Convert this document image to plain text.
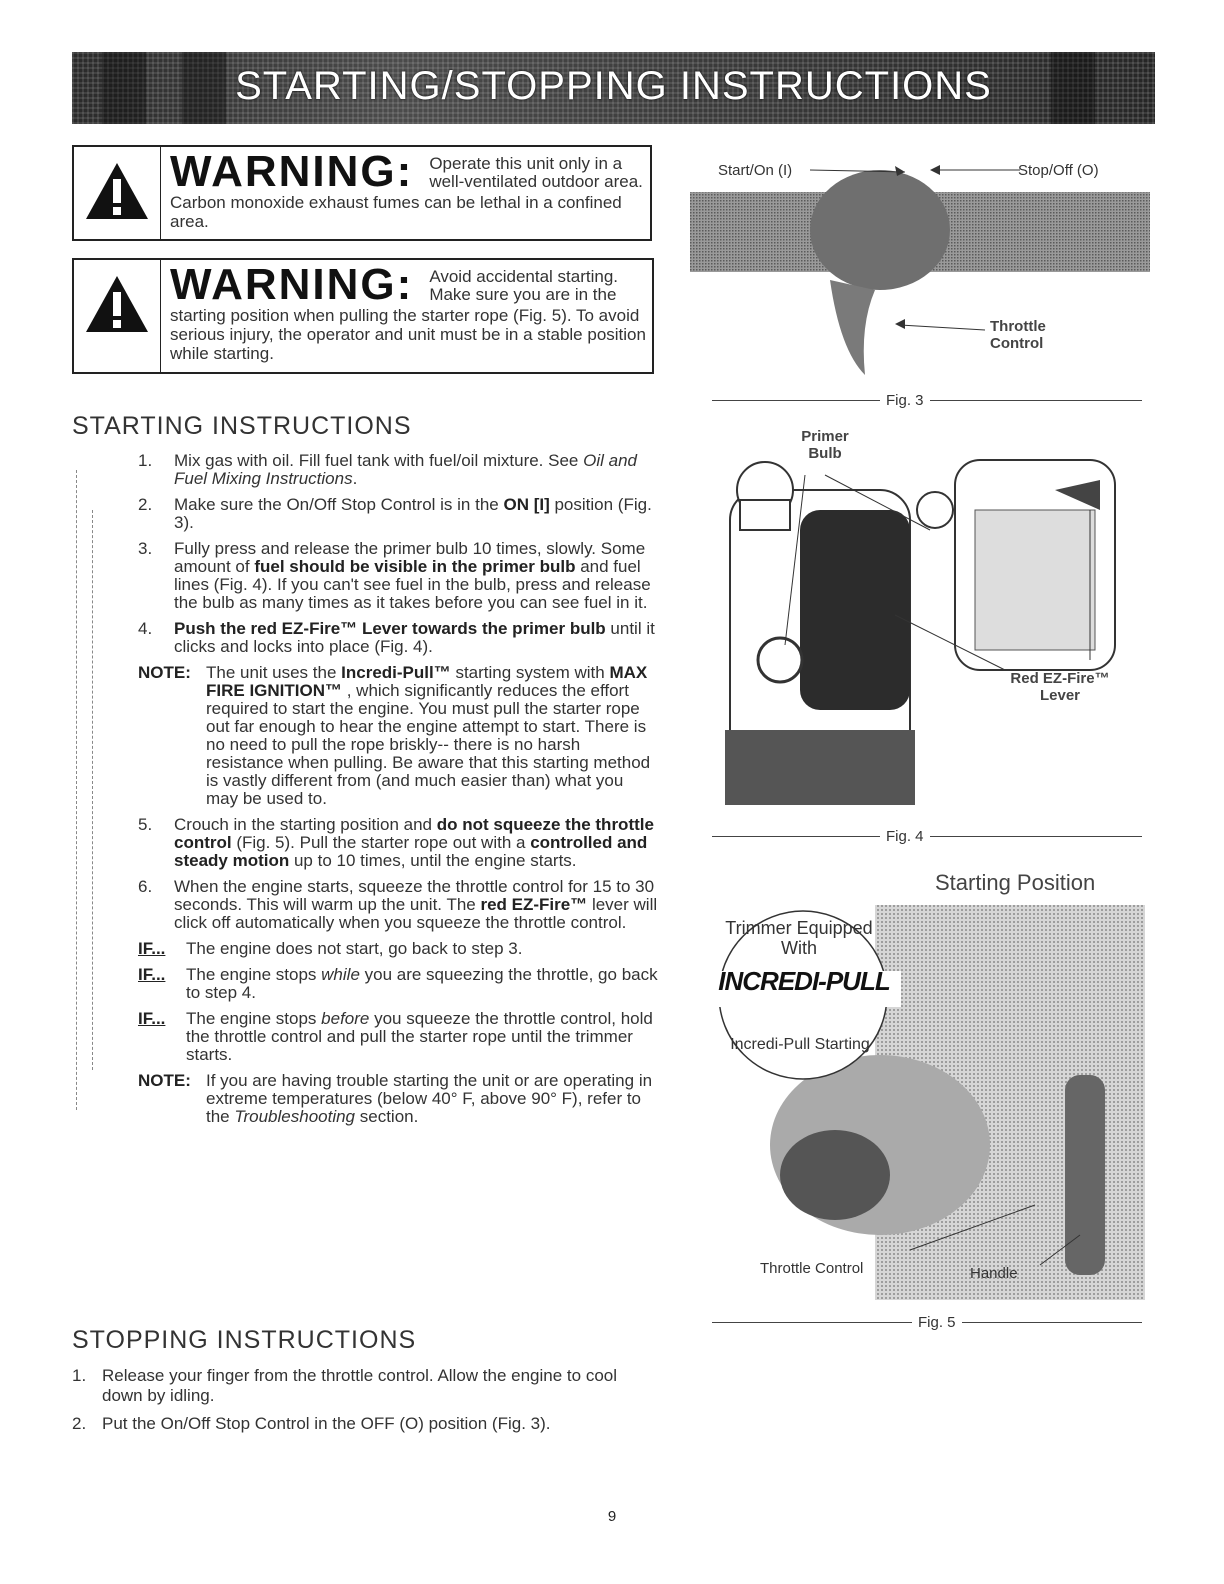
STARTING/STOPPING INSTRUCTIONS
WARNING: Operate this unit only in a well-ventilated outdoor area.
Carbon monoxide exhaust fumes can be lethal in a confined area.
WARNING: Avoid accidental starting. Make sure you are in the
starting position when pulling the starter rope (Fig. 5). To avoid serious injury, the operator and unit must be in a stable position while starting.
STARTING INSTRUCTIONS
1. Mix gas with oil. Fill fuel tank with fuel/oil mixture. See Oil and Fuel Mixing Instructions.
2. Make sure the On/Off Stop Control is in the ON [I] position (Fig. 3).
3. Fully press and release the primer bulb 10 times, slowly. Some amount of fuel should be visible in the primer bulb and fuel lines (Fig. 4). If you can't see fuel in the bulb, press and release the bulb as many times as it takes before you can see fuel in it.
4. Push the red EZ-Fire™ Lever towards the primer bulb until it clicks and locks into place (Fig. 4).
NOTE: The unit uses the Incredi-Pull™ starting system with MAX FIRE IGNITION™ , which significantly reduces the effort required to start the engine. You must pull the starter rope out far enough to hear the engine attempt to start. There is no need to pull the rope briskly-- there is no harsh resistance when pulling. Be aware that this starting method is vastly different from (and much easier than) what you may be used to.
5. Crouch in the starting position and do not squeeze the throttle control (Fig. 5). Pull the starter rope out with a controlled and steady motion up to 10 times, until the engine starts.
6. When the engine starts, squeeze the throttle control for 15 to 30 seconds. This will warm up the unit. The red EZ-Fire™ lever will click off automatically when you squeeze the throttle control.
IF... The engine does not start, go back to step 3.
IF... The engine stops while you are squeezing the throttle, go back to step 4.
IF... The engine stops before you squeeze the throttle control, hold the throttle control and pull the starter rope until the trimmer starts.
NOTE: If you are having trouble starting the unit or are operating in extreme temperatures (below 40° F, above 90° F), refer to the Troubleshooting section.
STOPPING INSTRUCTIONS
1. Release your finger from the throttle control. Allow the engine to cool down by idling.
2. Put the On/Off Stop Control in the OFF (O) position (Fig. 3).
Start/On (I)	Stop/Off (O)
Throttle Control
Fig. 3
Primer Bulb
Red EZ-Fire™ Lever
Fig. 4
Starting Position
Trimmer Equipped With
INCREDI-PULL
Incredi-Pull Starting
Throttle Control	Handle
Fig. 5
9
